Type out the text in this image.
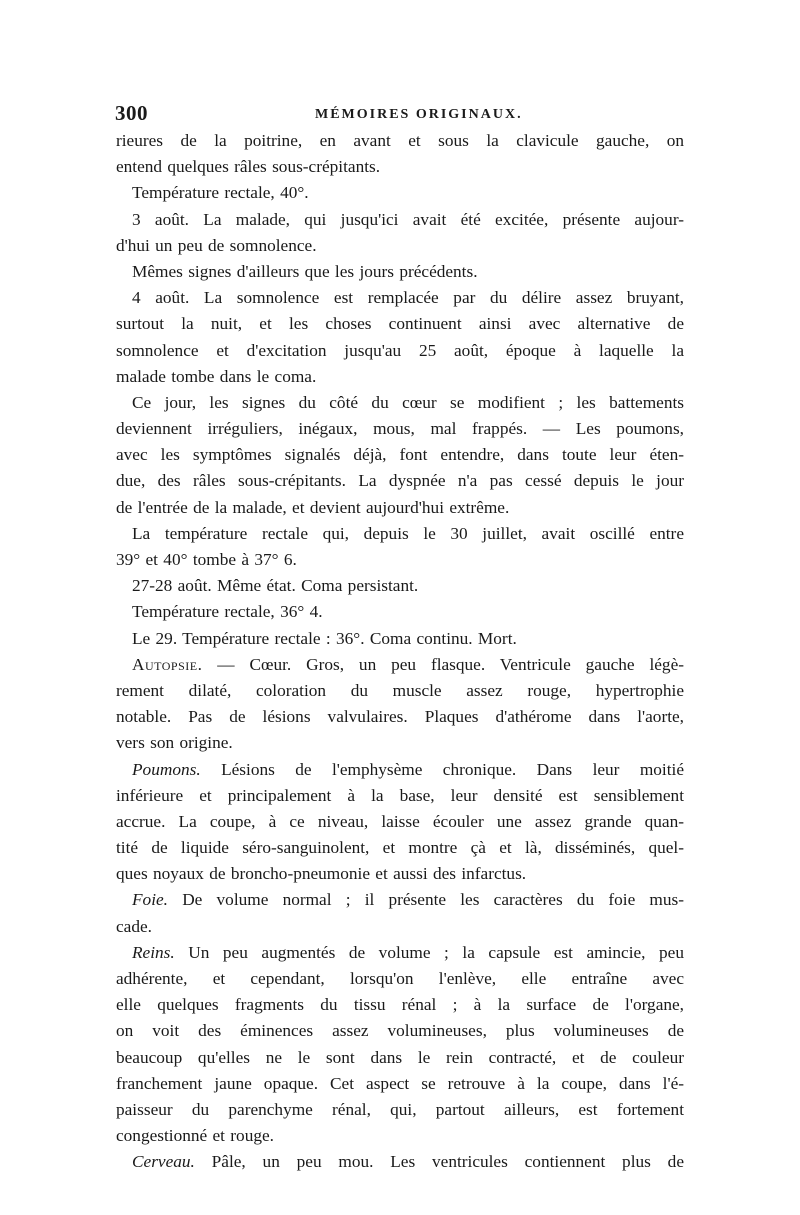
300	MÉMOIRES ORIGINAUX.
rieures de la poitrine, en avant et sous la clavicule gauche, on
entend quelques râles sous-crépitants.
Température rectale, 40°.
3 août. La malade, qui jusqu'ici avait été excitée, présente aujour-
d'hui un peu de somnolence.
Mêmes signes d'ailleurs que les jours précédents.
4 août. La somnolence est remplacée par du délire assez bruyant,
surtout la nuit, et les choses continuent ainsi avec alternative de
somnolence et d'excitation jusqu'au 25 août, époque à laquelle la
malade tombe dans le coma.
Ce jour, les signes du côté du cœur se modifient ; les battements
deviennent irréguliers, inégaux, mous, mal frappés. — Les poumons,
avec les symptômes signalés déjà, font entendre, dans toute leur éten-
due, des râles sous-crépitants. La dyspnée n'a pas cessé depuis le jour
de l'entrée de la malade, et devient aujourd'hui extrême.
La température rectale qui, depuis le 30 juillet, avait oscillé entre
39° et 40° tombe à 37° 6.
27-28 août. Même état. Coma persistant.
Température rectale, 36° 4.
Le 29. Température rectale : 36°. Coma continu. Mort.
Autopsie. — Cœur. Gros, un peu flasque. Ventricule gauche légè-
rement dilaté, coloration du muscle assez rouge, hypertrophie
notable. Pas de lésions valvulaires. Plaques d'athérome dans l'aorte,
vers son origine.
Poumons. Lésions de l'emphysème chronique. Dans leur moitié
inférieure et principalement à la base, leur densité est sensiblement
accrue. La coupe, à ce niveau, laisse écouler une assez grande quan-
tité de liquide séro-sanguinolent, et montre çà et là, disséminés, quel-
ques noyaux de broncho-pneumonie et aussi des infarctus.
Foie. De volume normal ; il présente les caractères du foie mus-
cade.
Reins. Un peu augmentés de volume ; la capsule est amincie, peu
adhérente, et cependant, lorsqu'on l'enlève, elle entraîne avec
elle quelques fragments du tissu rénal ; à la surface de l'organe,
on voit des éminences assez volumineuses, plus volumineuses de
beaucoup qu'elles ne le sont dans le rein contracté, et de couleur
franchement jaune opaque. Cet aspect se retrouve à la coupe, dans l'é-
paisseur du parenchyme rénal, qui, partout ailleurs, est fortement
congestionné et rouge.
Cerveau. Pâle, un peu mou. Les ventricules contiennent plus de
